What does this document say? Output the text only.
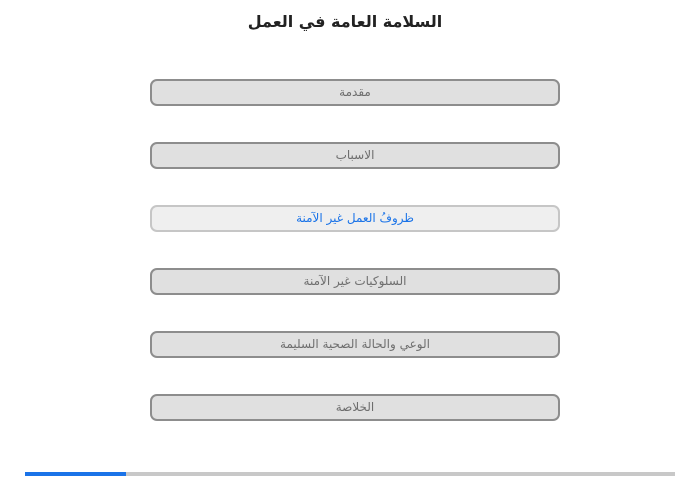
السلامة العامة في العمل
مقدمة
الاسباب
ظروفُ العمل غير الآمنة
السلوكيات غير الآمنة
الوعي والحالة الصحية السليمة
الخلاصة
